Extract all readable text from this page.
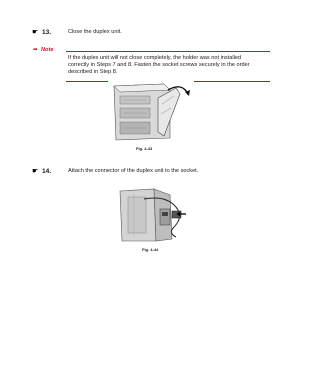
☛ 13.	Close the duplex unit.
➡ Note
If the duplex unit will not close completely, the holder was not installed
correctly in Steps 7 and 8. Fasten the socket screws securely in the order
described in Step 8.
Fig. 4-43
☛ 14.	Attach the connector of the duplex unit to the socket.
Fig. 4-44
